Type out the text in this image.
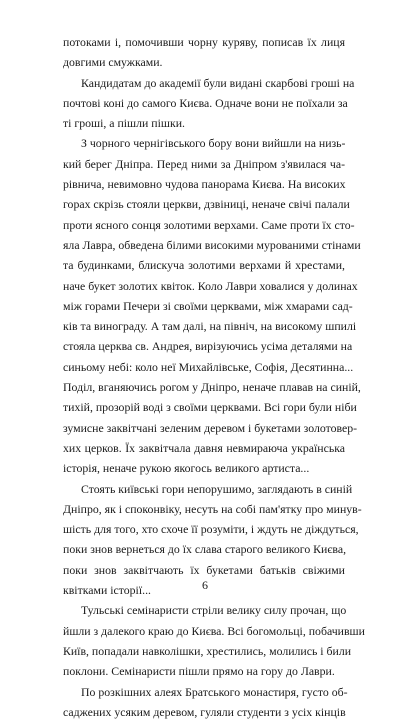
потоками і, помочивши чорну куряву, пописав їх лиця
довгими смужками.
Кандидатам до академії були видані скарбові гроші на
почтові коні до самого Києва. Одначе вони не поїхали за
ті гроші, а пішли пішки.
З чорного чернігівського бору вони вийшли на низь-
кий берег Дніпра. Перед ними за Дніпром з'явилася ча-
рівнича, невимовно чудова панорама Києва. На високих
горах скрізь стояли церкви, дзвіниці, неначе свічі палали
проти ясного сонця золотими верхами. Саме проти їх сто-
яла Лавра, обведена білими високими мурованими стінами
та будинками, блискуча золотими верхами й хрестами,
наче букет золотих квіток. Коло Лаври ховалися у долинах
між горами Печери зі своїми церквами, між хмарами сад-
ків та винограду. А там далі, на північ, на високому шпилі
стояла церква св. Андрея, вирізуючись усіма деталями на
синьому небі: коло неї Михайлівське, Софія, Десятинна...
Поділ, вганяючись рогом у Дніпро, неначе плавав на синій,
тихій, прозорій воді з своїми церквами. Всі гори були ніби
зумисне заквітчані зеленим деревом і букетами золотовер-
хих церков. Їх заквітчала давня невмираюча українська
історія, неначе рукою якогось великого артиста...
Стоять київські гори непорушимо, заглядають в синій
Дніпро, як і споконвіку, несуть на собі пам'ятку про минув-
шість для того, хто схоче її розуміти, і ждуть не діждуться,
поки знов вернеться до їх слава старого великого Києва,
поки знов заквітчають їх букетами батьків свіжими
квітками історії...
Тульські семінаристи стріли велику силу прочан, що
йшли з далекого краю до Києва. Всі богомольці, побачивши
Київ, попадали навколішки, хрестились, молились і били
поклони. Семінаристи пішли прямо на гору до Лаври.
По розкішних алеях Братського монастиря, густо об-
саджених усяким деревом, гуляли студенти з усіх кінців
6
